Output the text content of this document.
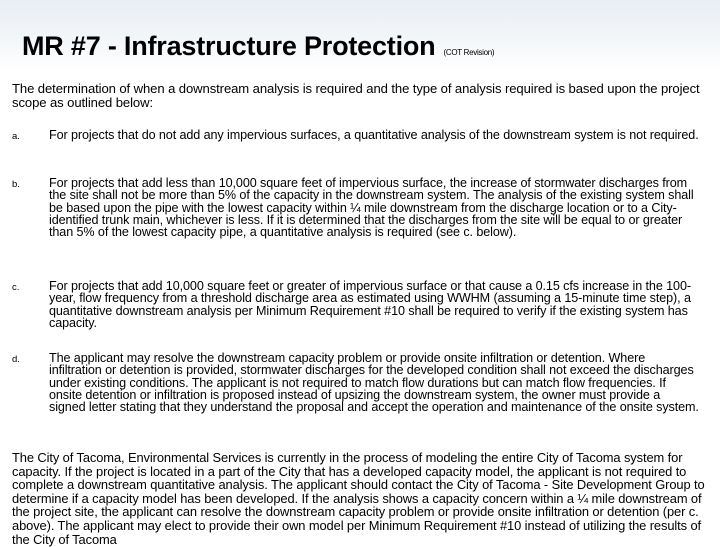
MR #7 - Infrastructure Protection (COT Revision)
The determination of when a downstream analysis is required and the type of analysis required is based upon the project scope as outlined below:
a. For projects that do not add any impervious surfaces, a quantitative analysis of the downstream system is not required.
b. For projects that add less than 10,000 square feet of impervious surface, the increase of stormwater discharges from the site shall not be more than 5% of the capacity in the downstream system. The analysis of the existing system shall be based upon the pipe with the lowest capacity within ¼ mile downstream from the discharge location or to a City-identified trunk main, whichever is less. If it is determined that the discharges from the site will be equal to or greater than 5% of the lowest capacity pipe, a quantitative analysis is required (see c. below).
c. For projects that add 10,000 square feet or greater of impervious surface or that cause a 0.15 cfs increase in the 100-year, flow frequency from a threshold discharge area as estimated using WWHM (assuming a 15-minute time step), a quantitative downstream analysis per Minimum Requirement #10 shall be required to verify if the existing system has capacity.
d. The applicant may resolve the downstream capacity problem or provide onsite infiltration or detention. Where infiltration or detention is provided, stormwater discharges for the developed condition shall not exceed the discharges under existing conditions. The applicant is not required to match flow durations but can match flow frequencies. If onsite detention or infiltration is proposed instead of upsizing the downstream system, the owner must provide a signed letter stating that they understand the proposal and accept the operation and maintenance of the onsite system.
The City of Tacoma, Environmental Services is currently in the process of modeling the entire City of Tacoma system for capacity. If the project is located in a part of the City that has a developed capacity model, the applicant is not required to complete a downstream quantitative analysis. The applicant should contact the City of Tacoma - Site Development Group to determine if a capacity model has been developed. If the analysis shows a capacity concern within a ¼ mile downstream of the project site, the applicant can resolve the downstream capacity problem or provide onsite infiltration or detention (per c. above). The applicant may elect to provide their own model per Minimum Requirement #10 instead of utilizing the results of the City of Tacoma
